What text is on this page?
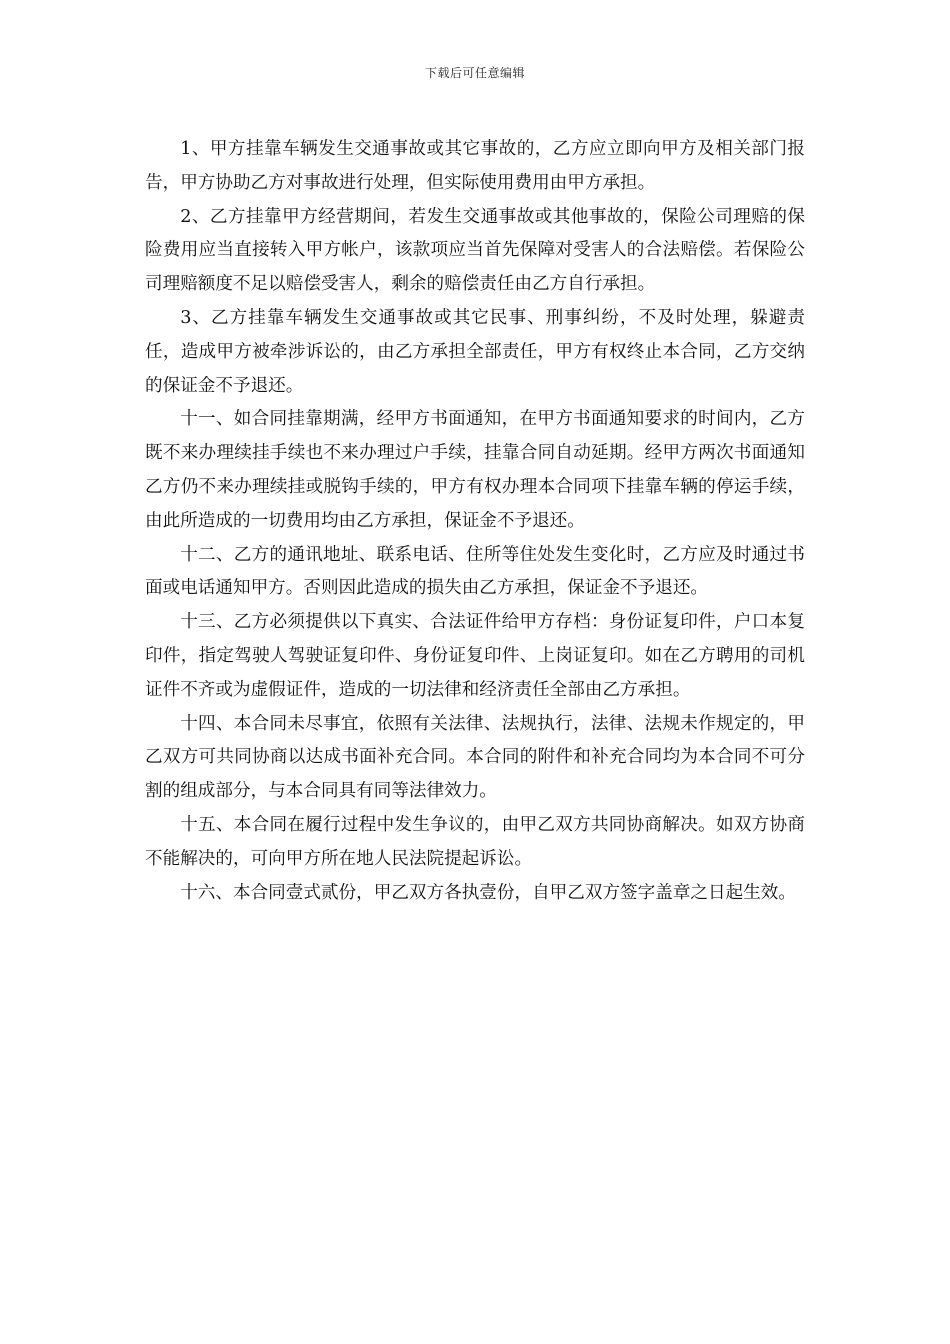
下载后可任意编辑

1、甲方挂靠车辆发生交通事故或其它事故的，乙方应立即向甲方及相关部门报告，甲方协助乙方对事故进行处理，但实际使用费用由甲方承担。

2、乙方挂靠甲方经营期间，若发生交通事故或其他事故的，保险公司理赔的保险费用应当直接转入甲方帐户，该款项应当首先保障对受害人的合法赔偿。若保险公司理赔额度不足以赔偿受害人，剩余的赔偿责任由乙方自行承担。

3、乙方挂靠车辆发生交通事故或其它民事、刑事纠纷，不及时处理，躲避责任，造成甲方被牵涉诉讼的，由乙方承担全部责任，甲方有权终止本合同，乙方交纳的保证金不予退还。

十一、如合同挂靠期满，经甲方书面通知，在甲方书面通知要求的时间内，乙方既不来办理续挂手续也不来办理过户手续，挂靠合同自动延期。经甲方两次书面通知乙方仍不来办理续挂或脱钩手续的，甲方有权办理本合同项下挂靠车辆的停运手续，由此所造成的一切费用均由乙方承担，保证金不予退还。

十二、乙方的通讯地址、联系电话、住所等住处发生变化时，乙方应及时通过书面或电话通知甲方。否则因此造成的损失由乙方承担，保证金不予退还。

十三、乙方必须提供以下真实、合法证件给甲方存档：身份证复印件，户口本复印件，指定驾驶人驾驶证复印件、身份证复印件、上岗证复印。如在乙方聘用的司机证件不齐或为虚假证件，造成的一切法律和经济责任全部由乙方承担。

十四、本合同未尽事宜，依照有关法律、法规执行，法律、法规未作规定的，甲乙双方可共同协商以达成书面补充合同。本合同的附件和补充合同均为本合同不可分割的组成部分，与本合同具有同等法律效力。

十五、本合同在履行过程中发生争议的，由甲乙双方共同协商解决。如双方协商不能解决的，可向甲方所在地人民法院提起诉讼。

十六、本合同壹式贰份，甲乙双方各执壹份，自甲乙双方签字盖章之日起生效。
